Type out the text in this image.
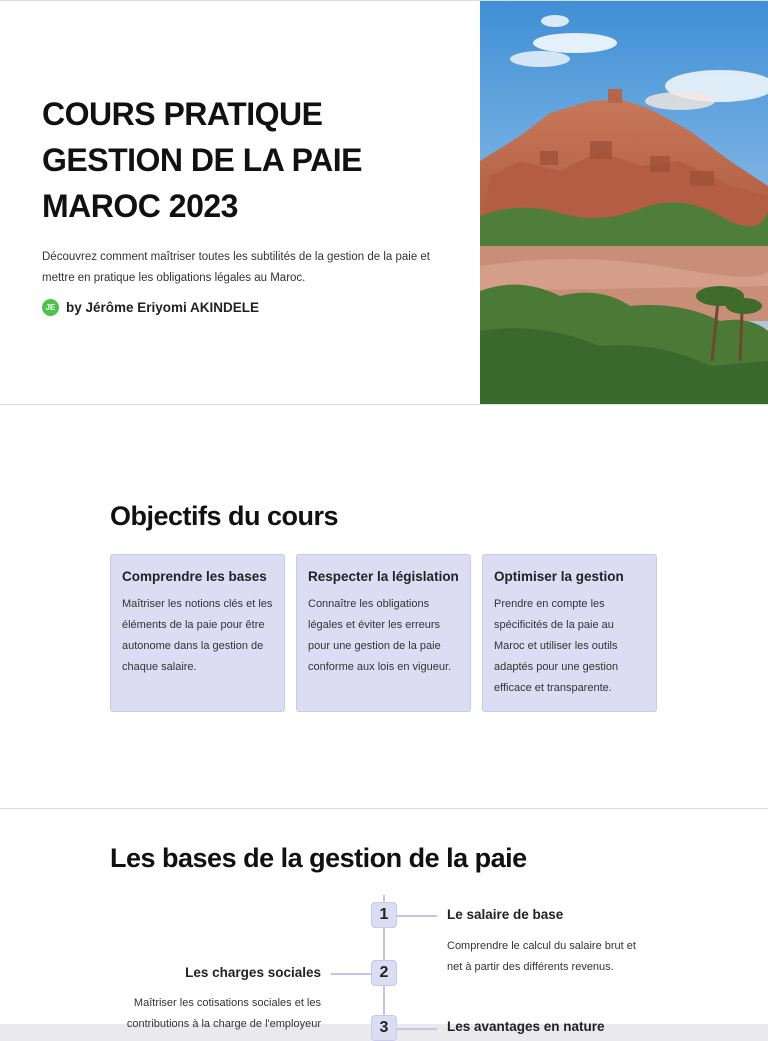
COURS PRATIQUE
GESTION DE LA PAIE
MAROC 2023
Découvrez comment maîtriser toutes les subtilités de la gestion de la paie et mettre en pratique les obligations légales au Maroc.
JE by Jérôme Eriyomi AKINDELE
Objectifs du cours
Comprendre les bases
Maîtriser les notions clés et les éléments de la paie pour être autonome dans la gestion de chaque salaire.
Respecter la législation
Connaître les obligations légales et éviter les erreurs pour une gestion de la paie conforme aux lois en vigueur.
Optimiser la gestion
Prendre en compte les spécificités de la paie au Maroc et utiliser les outils adaptés pour une gestion efficace et transparente.
Les bases de la gestion de la paie
1	Le salaire de base
Comprendre le calcul du salaire brut et net à partir des différents revenus.
2
Les charges sociales
Maîtriser les cotisations sociales et les contributions à la charge de l'employeur	3	Les avantages en nature
